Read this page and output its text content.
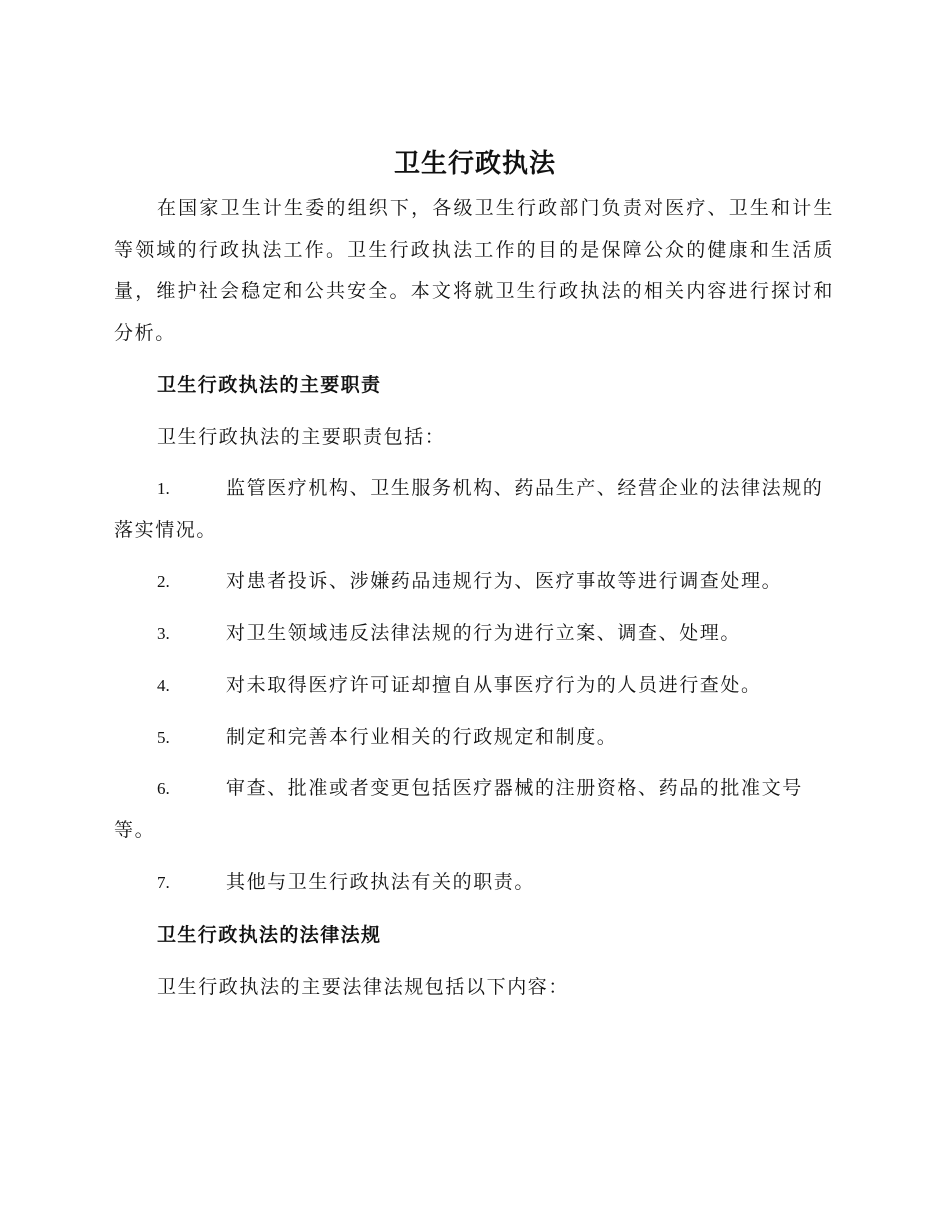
卫生行政执法
在国家卫生计生委的组织下，各级卫生行政部门负责对医疗、卫生和计生等领域的行政执法工作。卫生行政执法工作的目的是保障公众的健康和生活质量，维护社会稳定和公共安全。本文将就卫生行政执法的相关内容进行探讨和分析。
卫生行政执法的主要职责
卫生行政执法的主要职责包括：
1.	监管医疗机构、卫生服务机构、药品生产、经营企业的法律法规的落实情况。
2.	对患者投诉、涉嫌药品违规行为、医疗事故等进行调查处理。
3.	对卫生领域违反法律法规的行为进行立案、调查、处理。
4.	对未取得医疗许可证却擅自从事医疗行为的人员进行查处。
5.	制定和完善本行业相关的行政规定和制度。
6.	审查、批准或者变更包括医疗器械的注册资格、药品的批准文号等。
7.	其他与卫生行政执法有关的职责。
卫生行政执法的法律法规
卫生行政执法的主要法律法规包括以下内容：
